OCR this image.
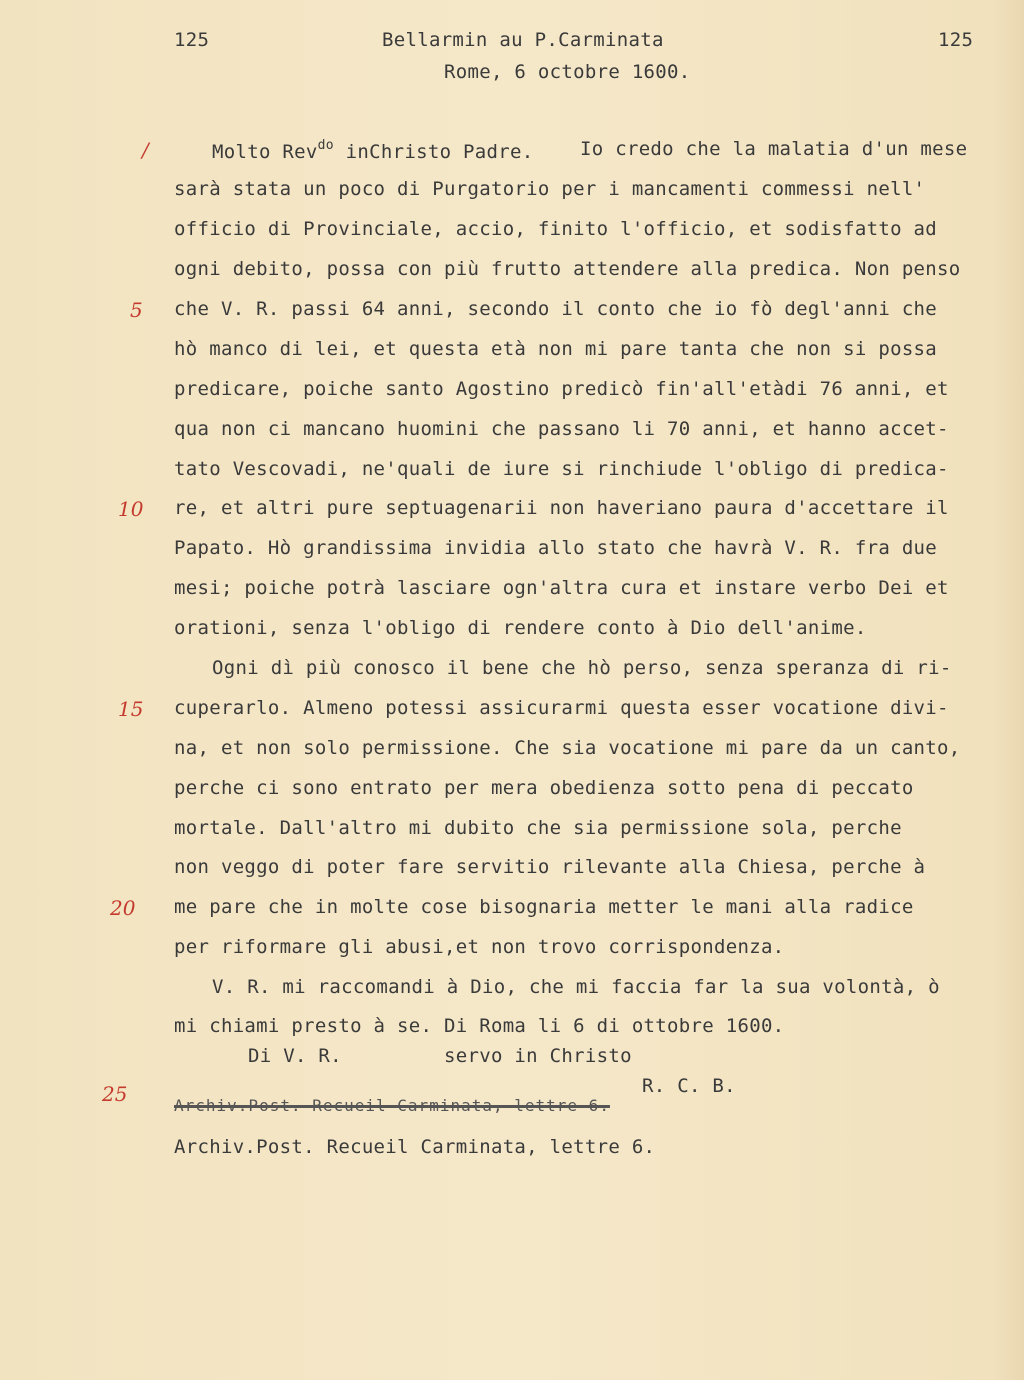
125	Bellarmin au P.Carminata	125
Rome, 6 octobre 1600.
/
5
10
15
20
25
Molto Rev$^{do}$ inChristo Padre. Io credo che la malatia d'un mese
sarà stata un poco di Purgatorio per i mancamenti commessi nell'
officio di Provinciale, accio, finito l'officio, et sodisfatto ad
ogni debito, possa con più frutto attendere alla predica. Non penso
che V. R. passi 64 anni, secondo il conto che io fò degl'anni che
hò manco di lei, et questa età non mi pare tanta che non si possa
predicare, poiche santo Agostino predicò fin'all'etàdi 76 anni, et
qua non ci mancano huomini che passano li 70 anni, et hanno accet-
tato Vescovadi, ne'quali de iure si rinchiude l'obligo di predica-
re, et altri pure septuagenarii non haveriano paura d'accettare il
Papato. Hò grandissima invidia allo stato che havrà V. R. fra due
mesi; poiche potrà lasciare ogn'altra cura et instare verbo Dei et
orationi, senza l'obligo di rendere conto à Dio dell'anime.
Ogni dì più conosco il bene che hò perso, senza speranza di ri-
cuperarlo. Almeno potessi assicurarmi questa esser vocatione divi-
na, et non solo permissione. Che sia vocatione mi pare da un canto,
perche ci sono entrato per mera obedienza sotto pena di peccato
mortale. Dall'altro mi dubito che sia permissione sola, perche
non veggo di poter fare servitio rilevante alla Chiesa, perche à
me pare che in molte cose bisognaria metter le mani alla radice
per riformare gli abusi,et non trovo corrispondenza.
V. R. mi raccomandi à Dio, che mi faccia far la sua volontà, ò
mi chiami presto à se. Di Roma li 6 di ottobre 1600.
Di V. R.	servo in Christo
R. C. B.
Archiv.Post. Recueil Carminata, lettre 6.
Archiv.Post. Recueil Carminata, lettre 6.
